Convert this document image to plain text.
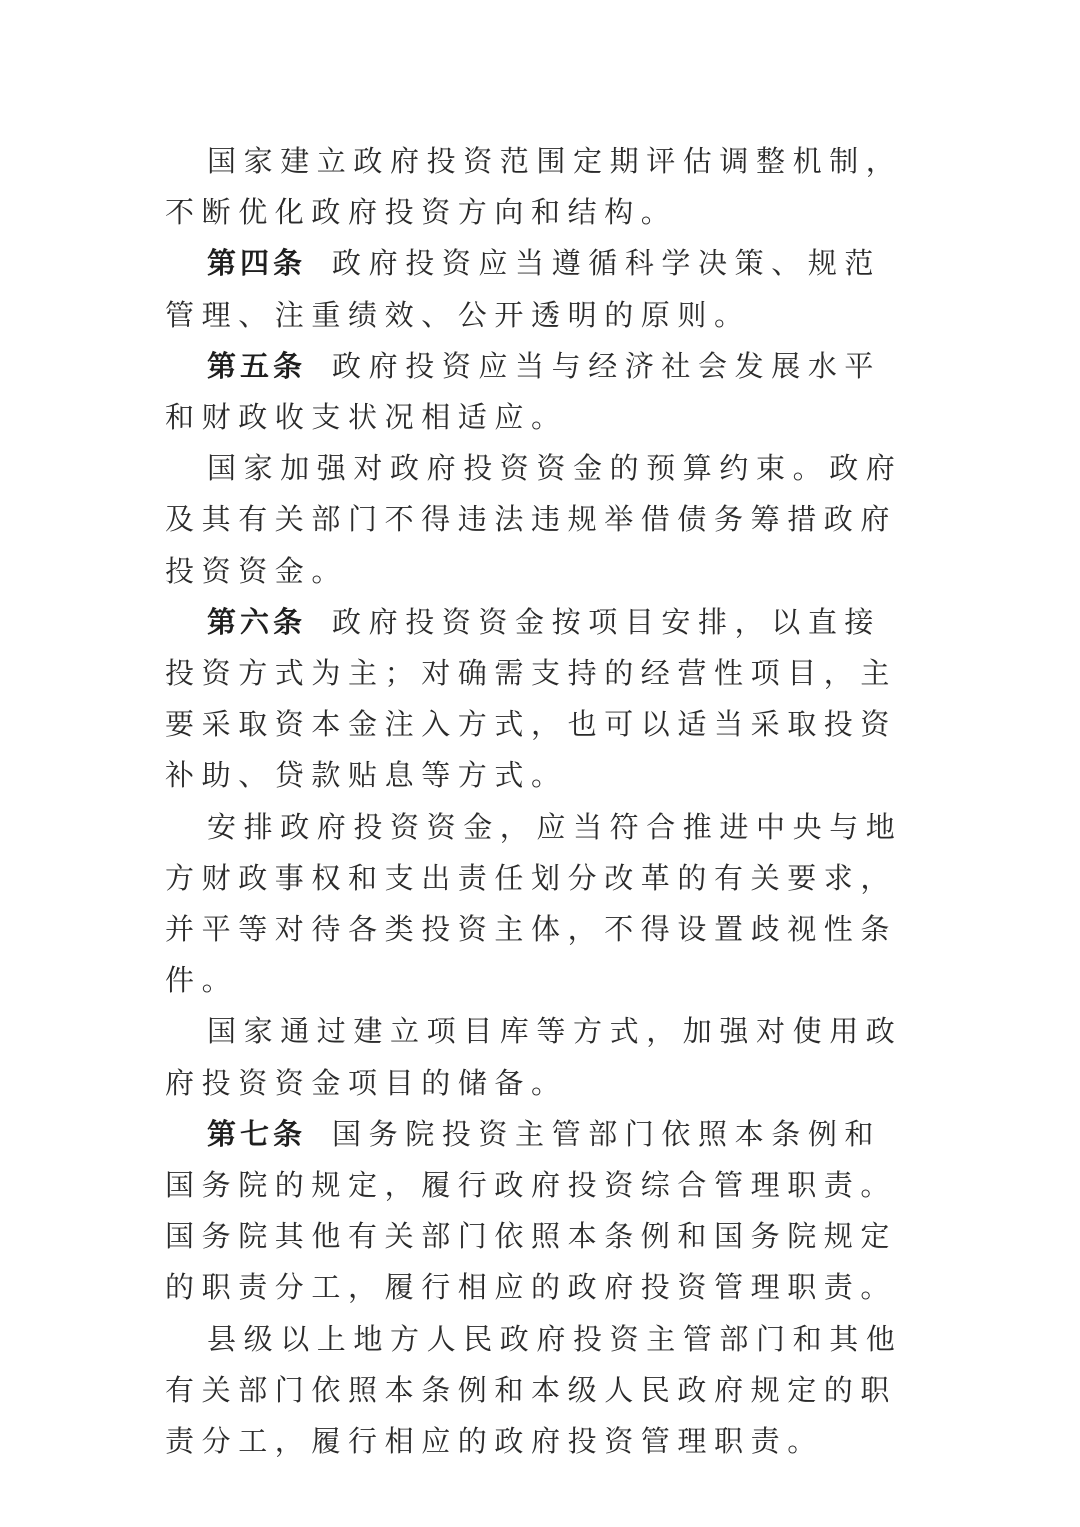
国家建立政府投资范围定期评估调整机制，不断优化政府投资方向和结构。

第四条 政府投资应当遵循科学决策、规范管理、注重绩效、公开透明的原则。

第五条 政府投资应当与经济社会发展水平和财政收支状况相适应。

国家加强对政府投资资金的预算约束。政府及其有关部门不得违法违规举借债务筹措政府投资资金。

第六条 政府投资资金按项目安排，以直接投资方式为主；对确需支持的经营性项目，主要采取资本金注入方式，也可以适当采取投资补助、贷款贴息等方式。

安排政府投资资金，应当符合推进中央与地方财政事权和支出责任划分改革的有关要求，并平等对待各类投资主体，不得设置歧视性条件。

国家通过建立项目库等方式，加强对使用政府投资资金项目的储备。

第七条 国务院投资主管部门依照本条例和国务院的规定，履行政府投资综合管理职责。国务院其他有关部门依照本条例和国务院规定的职责分工，履行相应的政府投资管理职责。

县级以上地方人民政府投资主管部门和其他有关部门依照本条例和本级人民政府规定的职责分工，履行相应的政府投资管理职责。
